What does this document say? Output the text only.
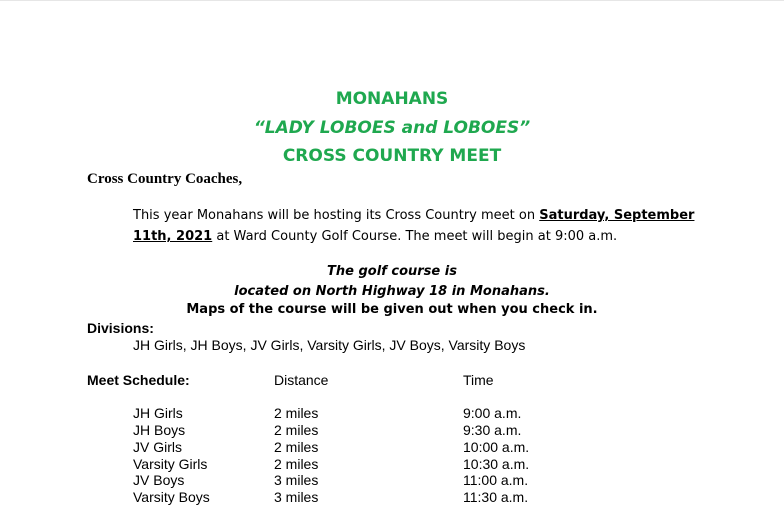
MONAHANS
“LADY LOBOES and LOBOES”
CROSS COUNTRY MEET
Cross Country Coaches,
This year Monahans will be hosting its Cross Country meet on Saturday, September
11th, 2021 at Ward County Golf Course. The meet will begin at 9:00 a.m.
The golf course is
located on North Highway 18 in Monahans.
Maps of the course will be given out when you check in.
Divisions:
JH Girls, JH Boys, JV Girls, Varsity Girls, JV Boys, Varsity Boys
Meet Schedule:	Distance	Time
JH Girls	2 miles	9:00 a.m.
JH Boys	2 miles	9:30 a.m.
JV Girls	2 miles	10:00 a.m.
Varsity Girls	2 miles	10:30 a.m.
JV Boys	3 miles	11:00 a.m.
Varsity Boys	3 miles	11:30 a.m.
